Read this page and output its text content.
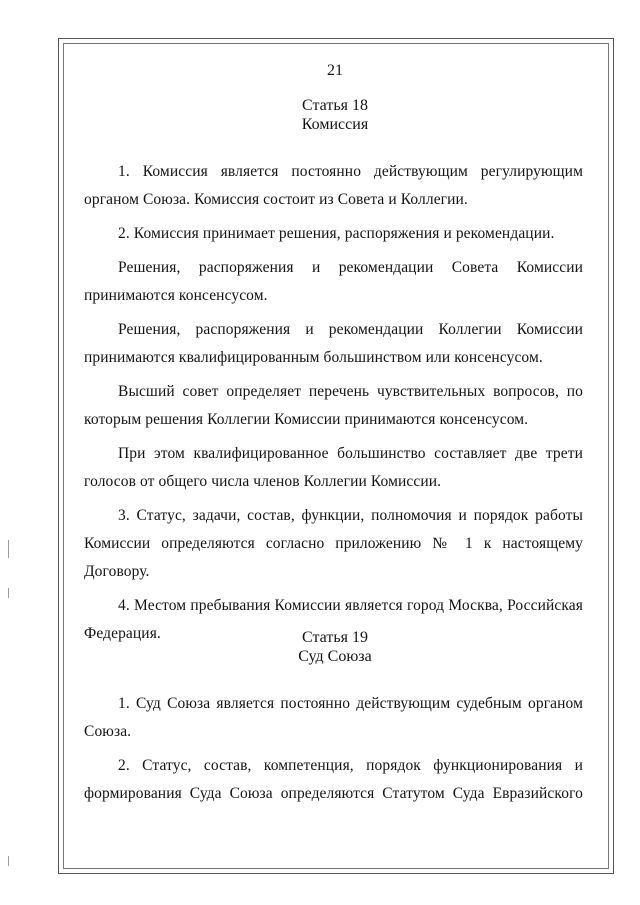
21
Статья 18
Комиссия

1. Комиссия является постоянно действующим регулирующим органом Союза. Комиссия состоит из Совета и Коллегии.

2. Комиссия принимает решения, распоряжения и рекомендации.

Решения, распоряжения и рекомендации Совета Комиссии принимаются консенсусом.

Решения, распоряжения и рекомендации Коллегии Комиссии принимаются квалифицированным большинством или консенсусом.

Высший совет определяет перечень чувствительных вопросов, по которым решения Коллегии Комиссии принимаются консенсусом.

При этом квалифицированное большинство составляет две трети голосов от общего числа членов Коллегии Комиссии.

3. Статус, задачи, состав, функции, полномочия и порядок работы Комиссии определяются согласно приложению № 1 к настоящему Договору.

4. Местом пребывания Комиссии является город Москва, Российская Федерация.	Статья 19
Суд Союза

1. Суд Союза является постоянно действующим судебным органом Союза.

2. Статус, состав, компетенция, порядок функционирования и формирования Суда Союза определяются Статутом Суда Евразийского
